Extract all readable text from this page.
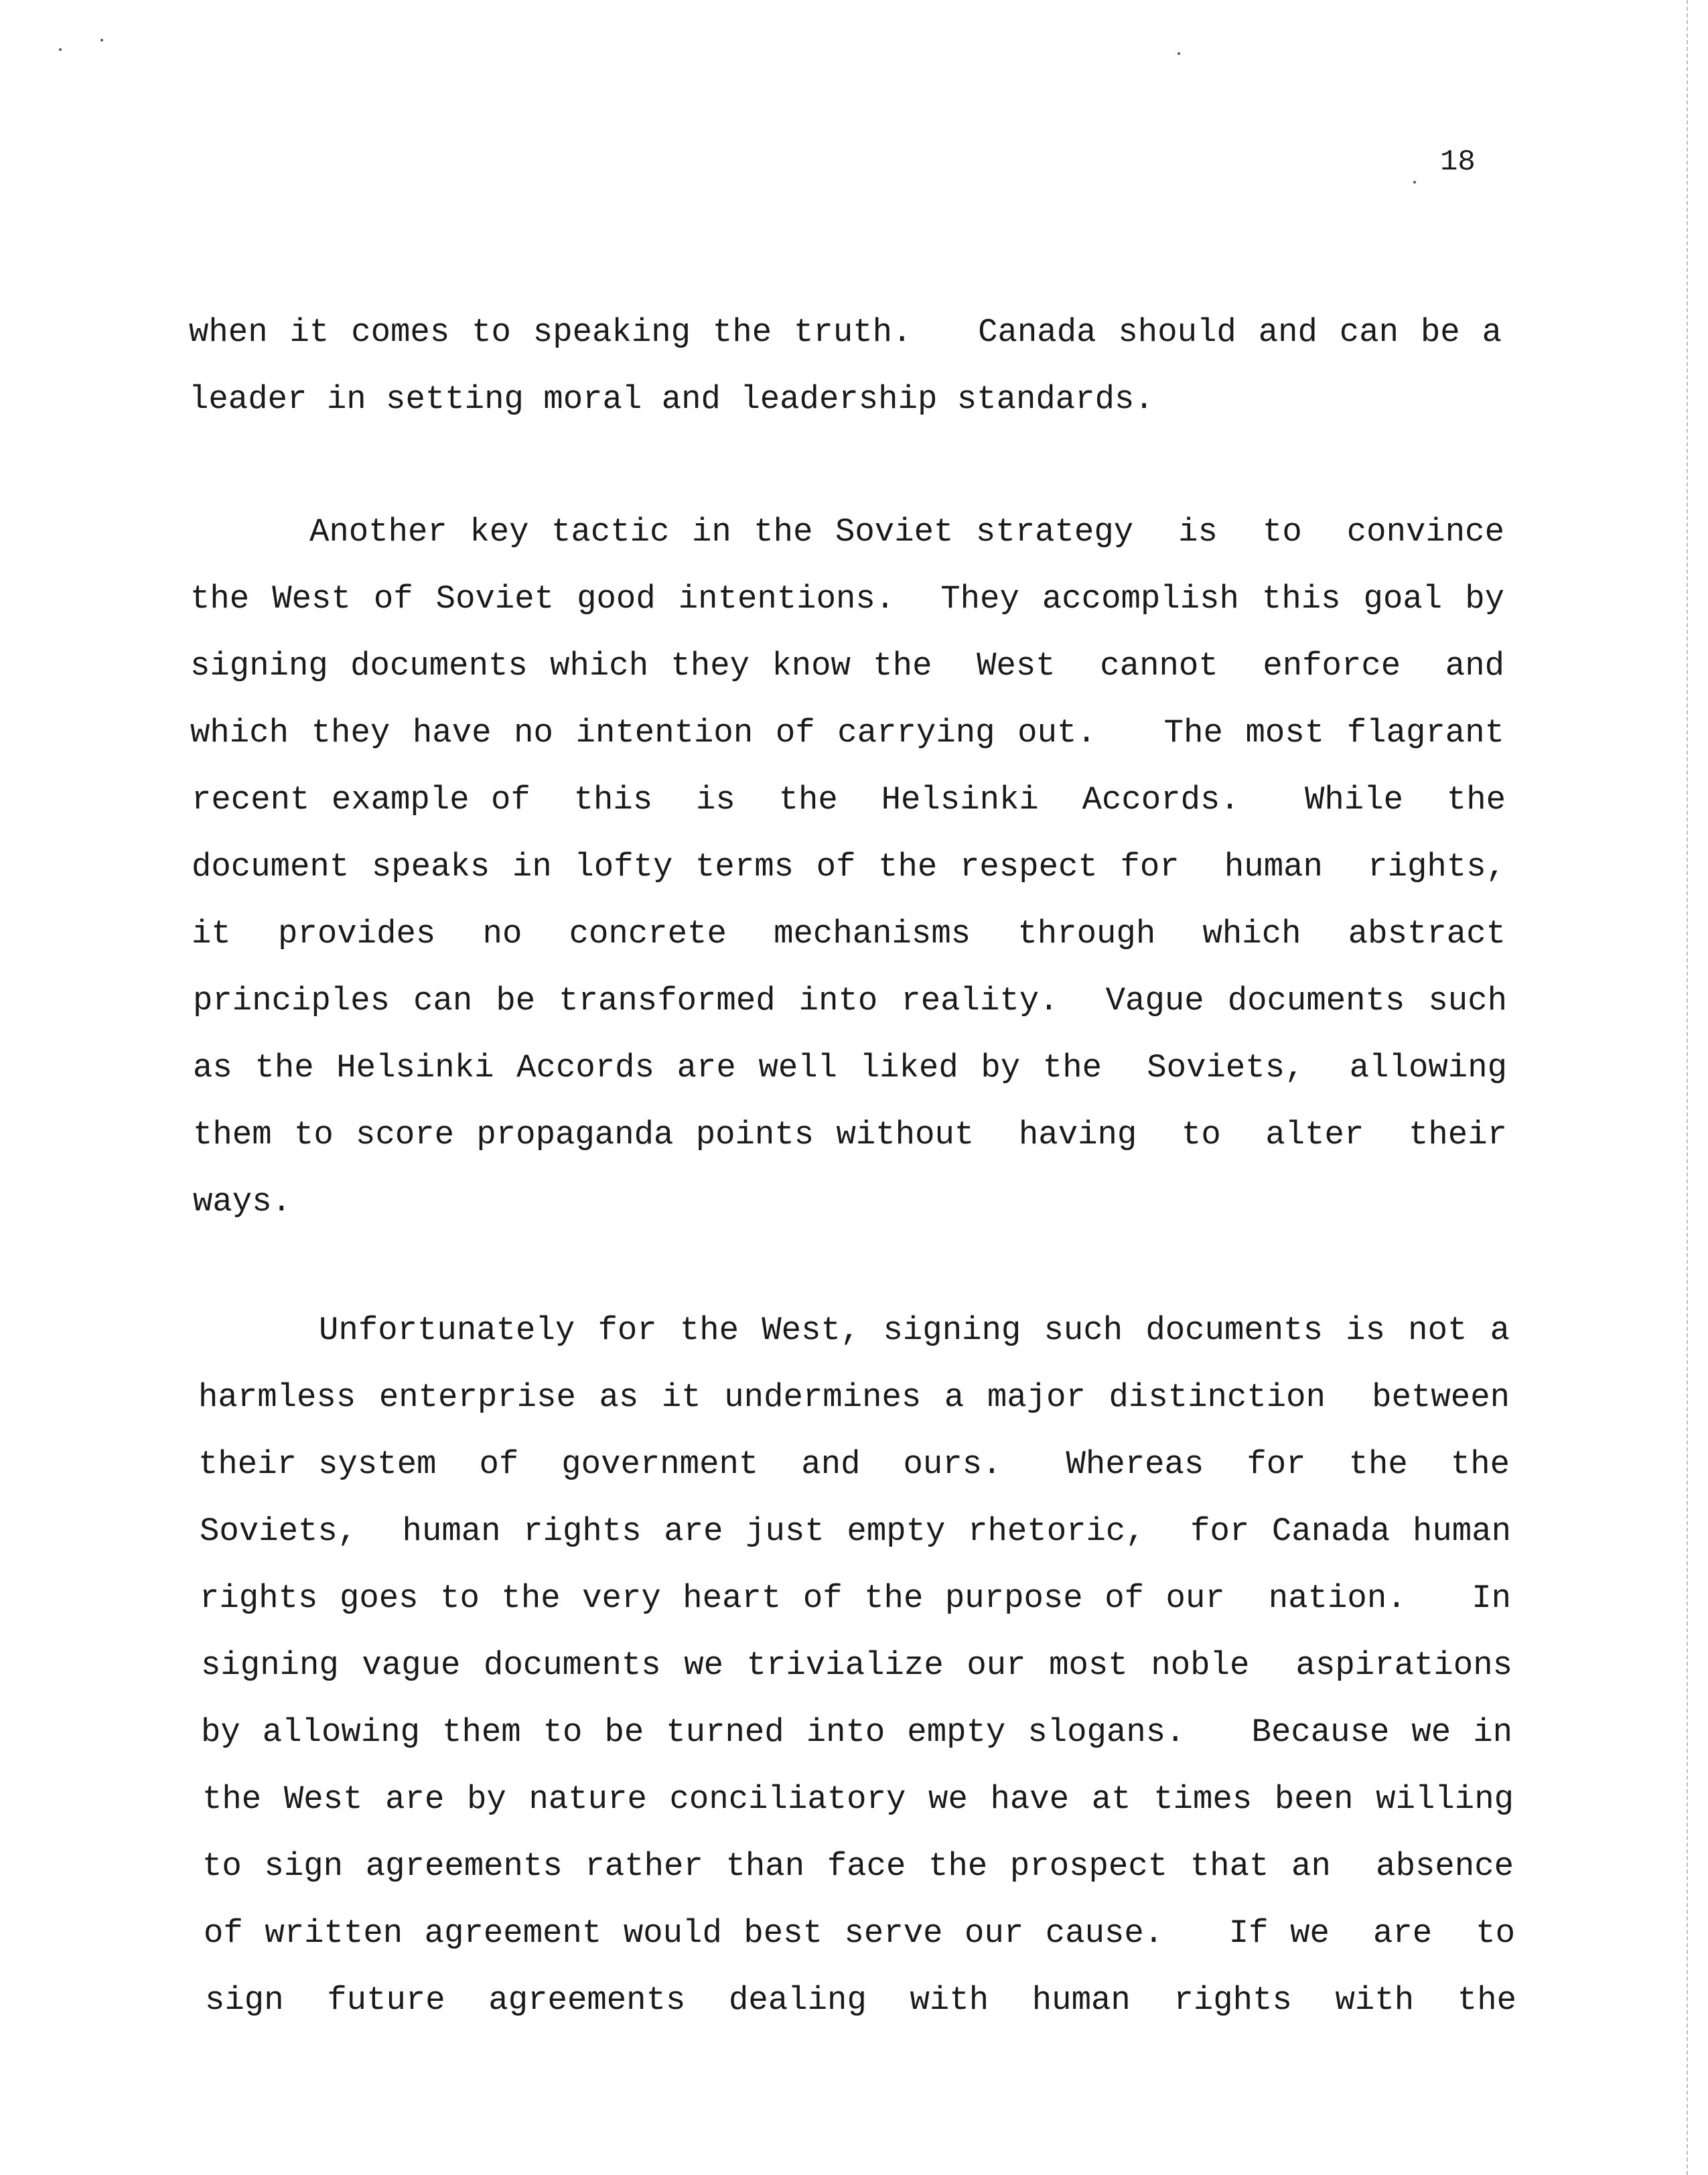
18
when it comes to speaking the truth.   Canada should and can be a
leader in setting moral and leadership standards.
Another key tactic in the Soviet strategy  is  to  convince
the West of Soviet good intentions.  They accomplish this goal by
signing documents which they know the  West  cannot  enforce  and
which they have no intention of carrying out.   The most flagrant
recent example of  this  is  the  Helsinki  Accords.   While  the
document speaks in lofty terms of the respect for  human  rights,
it  provides  no  concrete  mechanisms  through  which  abstract
principles can be transformed into reality.  Vague documents such
as the Helsinki Accords are well liked by the  Soviets,  allowing
them to score propaganda points without  having  to  alter  their
ways.
Unfortunately for the West, signing such documents is not a
harmless enterprise as it undermines a major distinction  between
their system  of  government  and  ours.   Whereas  for  the  the
Soviets,  human rights are just empty rhetoric,  for Canada human
rights goes to the very heart of the purpose of our  nation.   In
signing vague documents we trivialize our most noble  aspirations
by allowing them to be turned into empty slogans.   Because we in
the West are by nature conciliatory we have at times been willing
to sign agreements rather than face the prospect that an  absence
of written agreement would best serve our cause.   If we  are  to
sign  future  agreements  dealing  with  human  rights  with  the
